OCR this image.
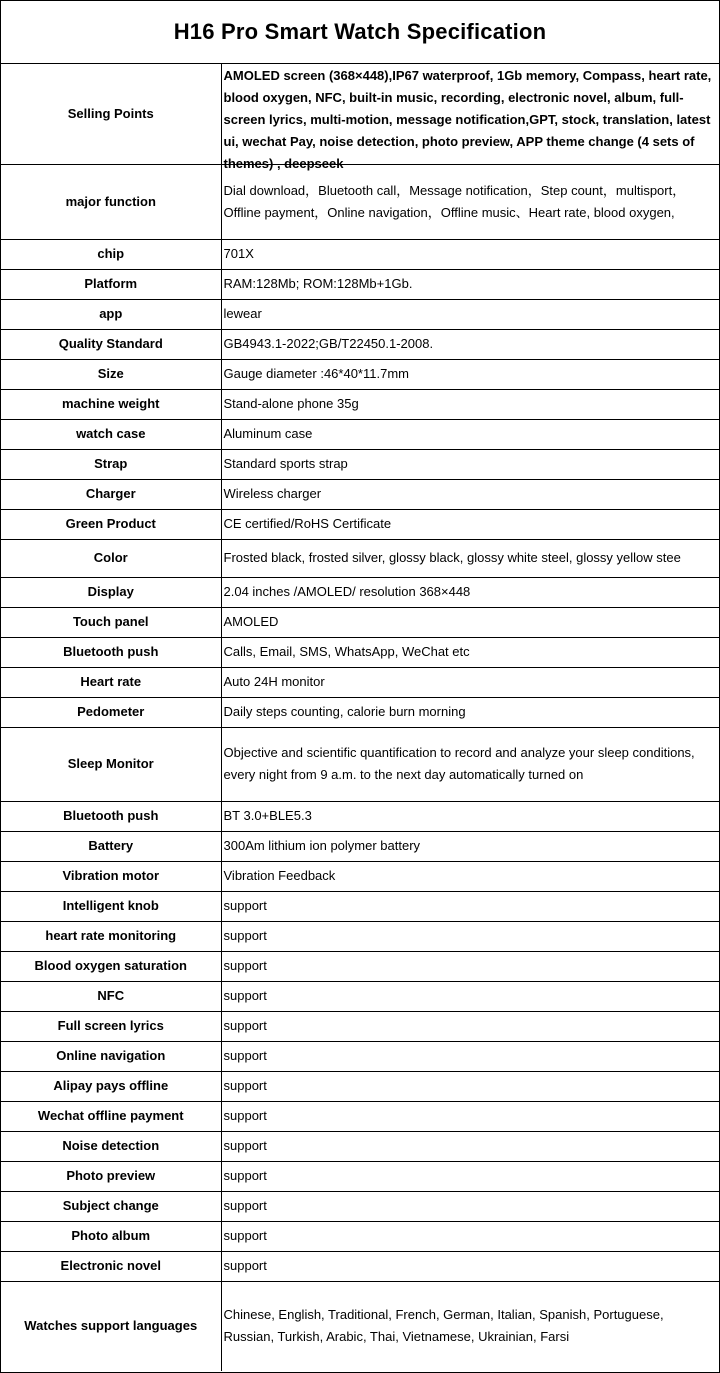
H16 Pro Smart Watch Specification
Selling Points	AMOLED screen (368×448),IP67 waterproof, 1Gb memory, Compass, heart rate, blood oxygen, NFC, built-in music, recording, electronic novel, album, full-screen lyrics, multi-motion, message notification,GPT, stock, translation, latest ui, wechat Pay, noise detection, photo preview, APP theme change (4 sets of themes) , deepseek

major function	Dial download，Bluetooth call，Message notification，Step count，multisport，Offline payment，Online navigation，Offline music、Heart rate, blood oxygen,

chip	701X

Platform	RAM:128Mb; ROM:128Mb+1Gb.

app	lewear

Quality Standard	GB4943.1-2022;GB/T22450.1-2008.

Size	Gauge diameter :46*40*11.7mm

machine weight	Stand-alone phone 35g

watch case	Aluminum case

Strap	Standard sports strap

Charger	Wireless charger

Green Product	CE certified/RoHS Certificate

Color	Frosted black, frosted silver, glossy black, glossy white steel, glossy yellow stee

Display	2.04 inches /AMOLED/ resolution 368×448

Touch panel	AMOLED

Bluetooth push	Calls, Email, SMS, WhatsApp, WeChat etc

Heart rate	Auto 24H monitor

Pedometer	Daily steps counting, calorie burn morning

Sleep Monitor	Objective and scientific quantification to record and analyze your sleep conditions, every night from 9 a.m. to the next day automatically turned on

Bluetooth push	BT 3.0+BLE5.3

Battery	300Am lithium ion polymer battery

Vibration motor	Vibration Feedback

Intelligent knob	support

heart rate monitoring	support

Blood oxygen saturation	support

NFC	support

Full screen lyrics	support

Online navigation	support

Alipay pays offline	support

Wechat offline payment	support

Noise detection	support

Photo preview	support

Subject change	support

Photo album	support

Electronic novel	support

Watches support languages	Chinese, English, Traditional, French, German, Italian, Spanish, Portuguese, Russian, Turkish, Arabic, Thai, Vietnamese, Ukrainian, Farsi
